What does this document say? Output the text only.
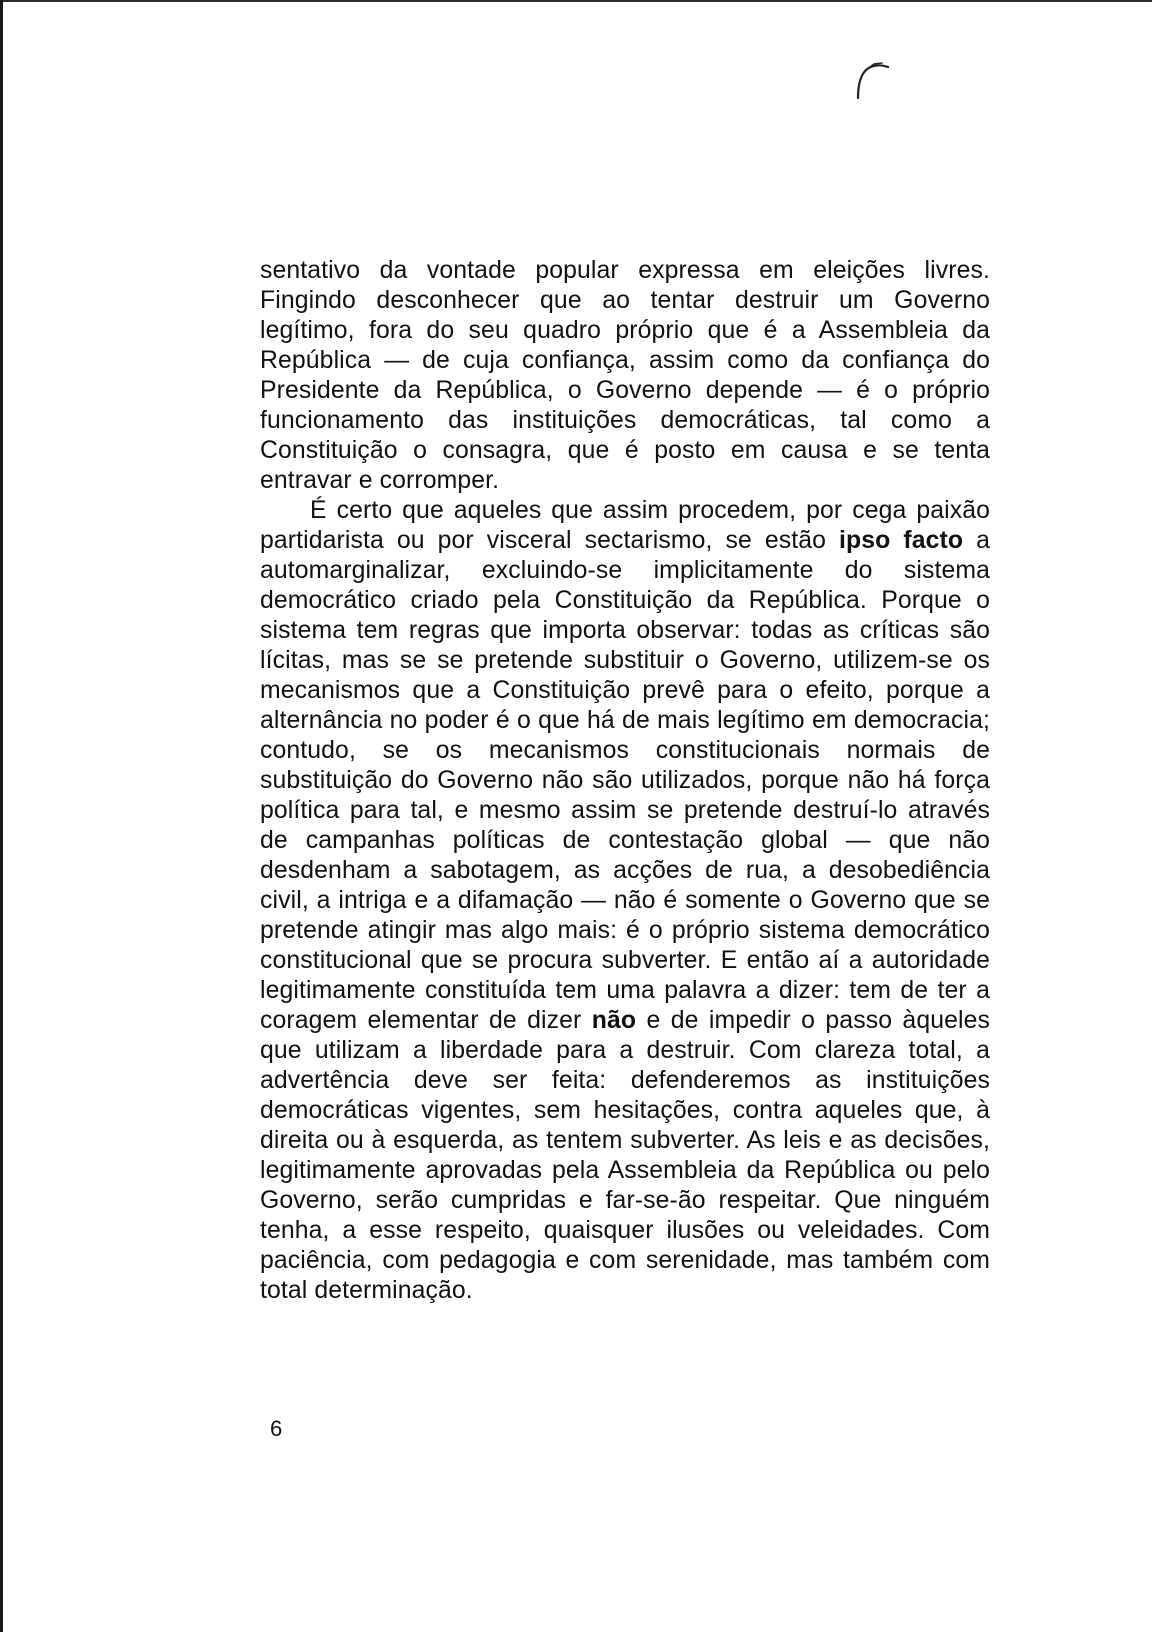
sentativo da vontade popular expressa em eleições livres. Fingindo desconhecer que ao tentar destruir um Governo legítimo, fora do seu quadro próprio que é a Assembleia da República — de cuja confiança, assim como da confiança do Presidente da República, o Governo depende — é o próprio funcionamento das instituições democráticas, tal como a Constituição o consagra, que é posto em causa e se tenta entravar e corromper.

É certo que aqueles que assim procedem, por cega paixão partidarista ou por visceral sectarismo, se estão ipso facto a automarginalizar, excluindo-se implicitamente do sistema democrático criado pela Constituição da República. Porque o sistema tem regras que importa observar: todas as críticas são lícitas, mas se se pretende substituir o Governo, utilizem-se os mecanismos que a Constituição prevê para o efeito, porque a alternância no poder é o que há de mais legítimo em democracia; contudo, se os mecanismos constitucionais normais de substituição do Governo não são utilizados, porque não há força política para tal, e mesmo assim se pretende destruí-lo através de campanhas políticas de contestação global — que não desdenham a sabotagem, as acções de rua, a desobediência civil, a intriga e a difamação — não é somente o Governo que se pretende atingir mas algo mais: é o próprio sistema democrático constitucional que se procura subverter. E então aí a autoridade legitimamente constituída tem uma palavra a dizer: tem de ter a coragem elementar de dizer não e de impedir o passo àqueles que utilizam a liberdade para a destruir. Com clareza total, a advertência deve ser feita: defenderemos as instituições democráticas vigentes, sem hesitações, contra aqueles que, à direita ou à esquerda, as tentem subverter. As leis e as decisões, legitimamente aprovadas pela Assembleia da República ou pelo Governo, serão cumpridas e far-se-ão respeitar. Que ninguém tenha, a esse respeito, quaisquer ilusões ou veleidades. Com paciência, com pedagogia e com serenidade, mas também com total determinação.

6
